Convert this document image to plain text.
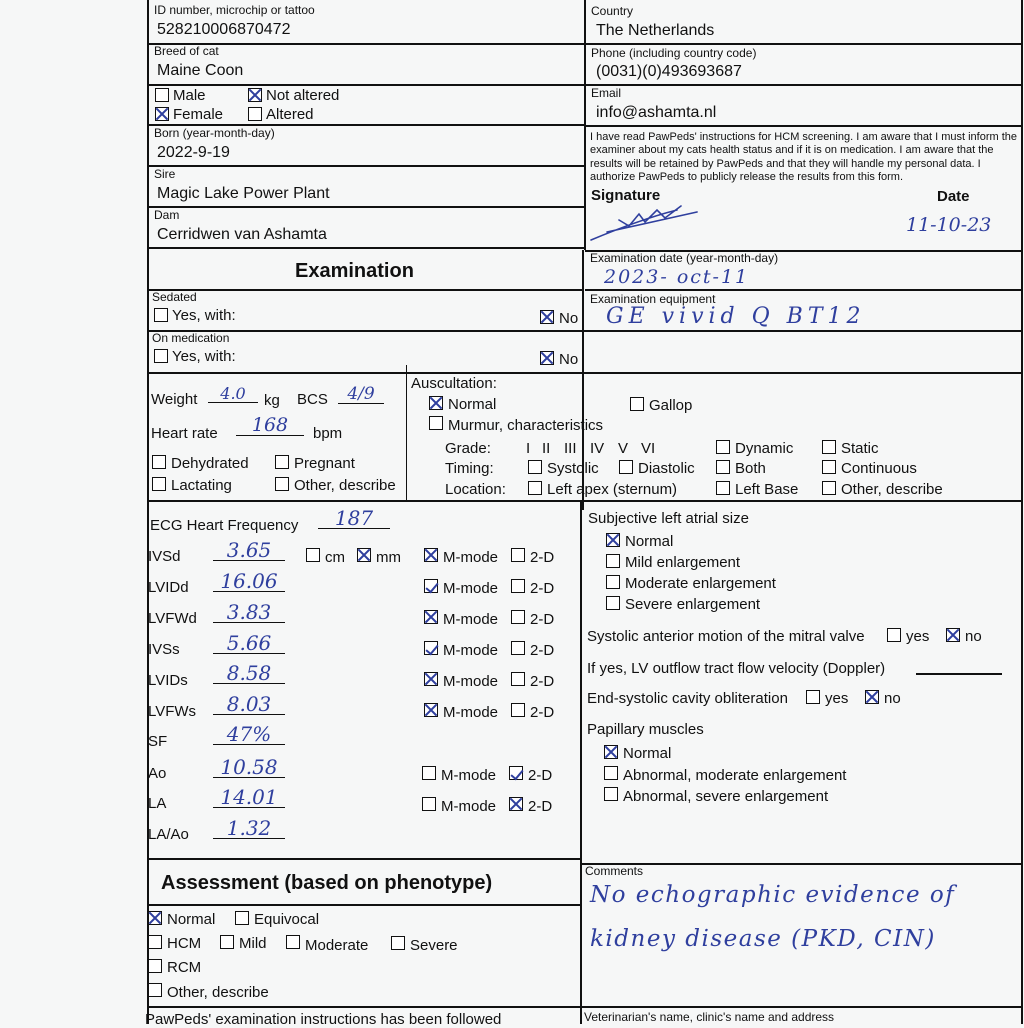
ID number, microchip or tattoo
528210006870472
Breed of cat
Maine Coon
Male
Female
Not altered
Altered
Born (year-month-day)
2022-9-19
Sire
Magic Lake Power Plant
Dam
Cerridwen van Ashamta
Country
The Netherlands
Phone (including country code)
(0031)(0)493693687
Email
info@ashamta.nl
I have read PawPeds' instructions for HCM screening. I am aware that I must inform the examiner about my cats health status and if it is on medication. I am aware that the results will be retained by PawPeds and that they will handle my personal data. I authorize PawPeds to publicly release the results from this form.
Signature	Date
11-10-23
Examination
Sedated
Yes, with:	No
On medication
Yes, with:	No
Examination date (year-month-day)
2023- oct-11
Examination equipment
GE vivid Q BT12
Weight	4.0	kg BCS	4/9
Heart rate	168	bpm
Dehydrated	Pregnant
Lactating	Other, describe
Auscultation:
Normal	Gallop
Murmur, characteristics
Grade: I II III IV V VI	Dynamic	Static
Timing:	Systolic	Diastolic	Both	Continuous
Location:	Left apex (sternum)	Left Base	Other, describe
ECG Heart Frequency	187
IVSd	3.65	cm mm	M-mode 2-D
LVIDd	16.06	M-mode 2-D
LVFWd	3.83	M-mode 2-D
IVSs	5.66	M-mode 2-D
LVIDs	8.58	M-mode 2-D
LVFWs	8.03	M-mode 2-D
SF	47%
Ao	10.58	M-mode 2-D
LA	14.01	M-mode 2-D
LA/Ao	1.32
Subjective left atrial size
Normal
Mild enlargement
Moderate enlargement
Severe enlargement
Systolic anterior motion of the mitral valve	yes no
If yes, LV outflow tract flow velocity (Doppler)
End-systolic cavity obliteration yes no
Papillary muscles
Normal
Abnormal, moderate enlargement
Abnormal, severe enlargement
Assessment (based on phenotype)
Normal	Equivocal
HCM	Mild	Moderate	Severe
RCM
Other, describe
Comments
No echographic evidence of
kidney disease (PKD, CIN)
PawPeds' examination instructions has been followed	Veterinarian's name, clinic's name and address
